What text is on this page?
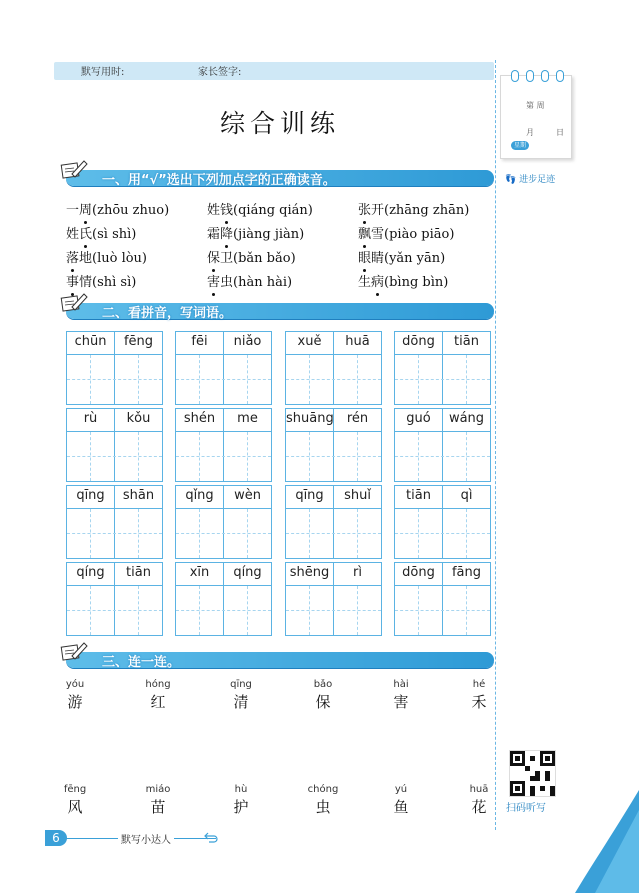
默写用时:	家长签字:
第 周
月	日
星期
👣 进步足迹
综合训练
一、用“√”选出下列加点字的正确读音。
一周(zhōu zhuo)	姓钱(qiáng qián)	张开(zhāng zhān)
姓氏(sì shì)	霜降(jiàng jiàn)	飘雪(piào piāo)
落地(luò lòu)	保卫(bǎn bǎo)	眼睛(yǎn yān)
事情(shì sì)	害虫(hàn hài)	生病(bìng bìn)
二、看拼音，写词语。
chūn	fēng	fēi	niǎo	xuě	huā	dōng	tiān
rù	kǒu	shén	me	shuāng	rén	guó	wáng
qīng	shān	qǐng	wèn	qīng	shuǐ	tiān	qì
qíng	tiān	xīn	qíng	shēng	rì	dōng	fāng
三、连一连。
yóu
游
hóng
红
qīng
清
bǎo
保
hài
害
hé
禾
fēng
风
miáo
苗
hù
护
chóng
虫
yú
鱼
huā
花	扫码听写
6	默写小达人
